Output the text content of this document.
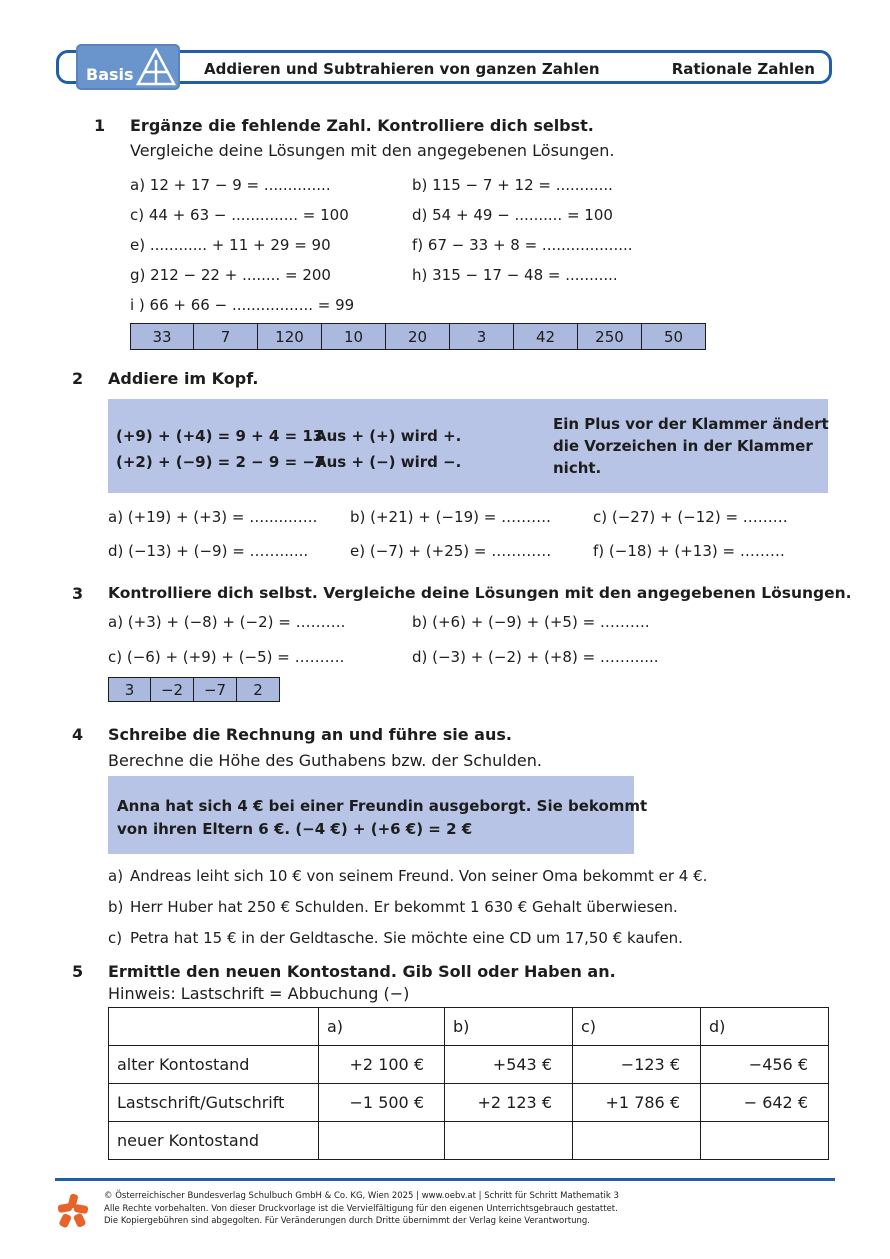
Basis	Addieren und Subtrahieren von ganzen Zahlen	Rationale Zahlen
1 Ergänze die fehlende Zahl. Kontrolliere dich selbst.
Vergleiche deine Lösungen mit den angegebenen Lösungen.
a) 12 + 17 − 9 = ..............	b) 115 − 7 + 12 = ............
c) 44 + 63 − .............. = 100	d) 54 + 49 − .......... = 100
e) ............ + 11 + 29 = 90	f) 67 − 33 + 8 = ...................
g) 212 − 22 + ........ = 200	h) 315 − 17 − 48 = ...........
i ) 66 + 66 − ................. = 99
33	7	120	10	20	3	42	250	50
2 Addiere im Kopf.
(+9) + (+4) = 9 + 4 = 13
(+2) + (−9) = 2 − 9 = −7
Aus + (+) wird +.
Aus + (−) wird −.
Ein Plus vor der Klammer ändert
die Vorzeichen in der Klammer
nicht.
a) (+19) + (+3) = …......….. b) (+21) + (−19) = ……….	c) (−27) + (−12) = ………
d) (−13) + (−9) = ……......	e) (−7) + (+25) = …………	f) (−18) + (+13) = ………
3 Kontrolliere dich selbst. Vergleiche deine Lösungen mit den angegebenen Lösungen.
a) (+3) + (−8) + (−2) = ……….	b) (+6) + (−9) + (+5) = ……….
c) (−6) + (+9) + (−5) = ……….	d) (−3) + (−2) + (+8) = ……......
3	−2	−7	2
4 Schreibe die Rechnung an und führe sie aus.
Berechne die Höhe des Guthabens bzw. der Schulden.
Anna hat sich 4 € bei einer Freundin ausgeborgt. Sie bekommt
von ihren Eltern 6 €. (−4 €) + (+6 €) = 2 €
a) Andreas leiht sich 10 € von seinem Freund. Von seiner Oma bekommt er 4 €.
b) Herr Huber hat 250 € Schulden. Er bekommt 1 630 € Gehalt überwiesen.
c) Petra hat 15 € in der Geldtasche. Sie möchte eine CD um 17,50 € kaufen.
5 Ermittle den neuen Kontostand. Gib Soll oder Haben an.
Hinweis: Lastschrift = Abbuchung (−)
	a)	b)	c)	d)
alter Kontostand	+2 100 €	+543 €	−123 €	−456 €
Lastschrift/Gutschrift	−1 500 €	+2 123 €	+1 786 €	− 642 €
neuer Kontostand				
© Österreichischer Bundesverlag Schulbuch GmbH & Co. KG, Wien 2025 | www.oebv.at | Schritt für Schritt Mathematik 3
Alle Rechte vorbehalten. Von dieser Druckvorlage ist die Vervielfältigung für den eigenen Unterrichtsgebrauch gestattet.
Die Kopiergebühren sind abgegolten. Für Veränderungen durch Dritte übernimmt der Verlag keine Verantwortung.
